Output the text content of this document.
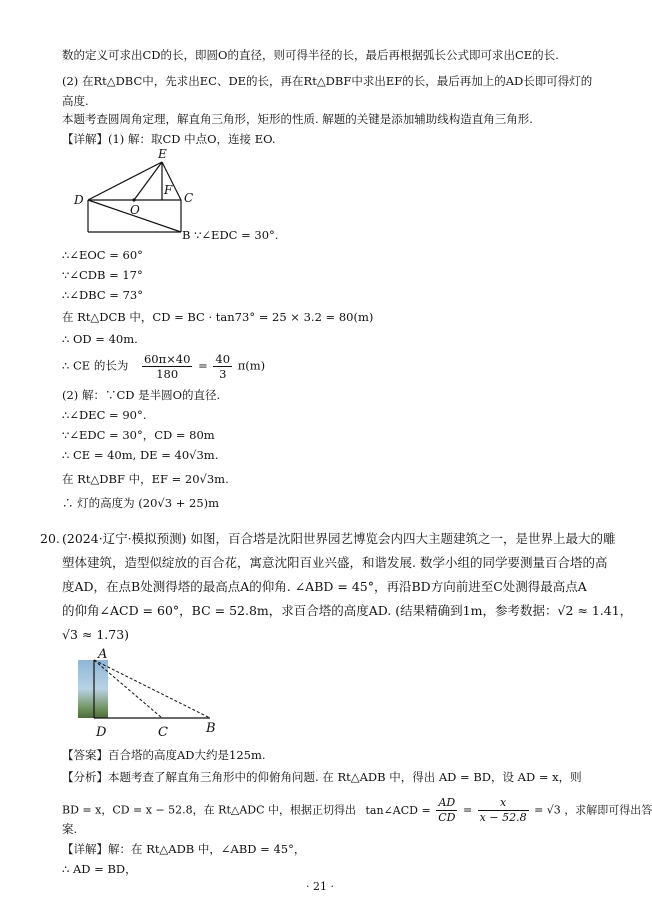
数的定义可求出CD的长，即圆O的直径，则可得半径的长，最后再根据弧长公式即可求出CE的长.
(2) 在Rt△DBC中，先求出EC、DE的长，再在Rt△DBF中求出EF的长，最后再加上的AD长即可得灯的
高度.
本题考查圆周角定理，解直角三角形，矩形的性质. 解题的关键是添加辅助线构造直角三角形.
【详解】(1) 解：取CD 中点O，连接 EO.
E
F
D
O
C
B ∵∠EDC = 30°.
∴∠EOC = 60°
∵∠CDB = 17°
∴∠DBC = 73°
在 Rt△DCB 中，CD = BC · tan73° = 25 × 3.2 = 80(m)
∴ OD = 40m.
∴ CE 的长为 $\frac{60\pi\times 40}{180} = \frac{40}{3} \pi(m)$
(2) 解：∵CD 是半圆O的直径.
∴∠DEC = 90°.
∵∠EDC = 30°，CD = 80m
∴ CE = 40m, DE = 40√3m.
在 Rt△DBF 中，EF = 20√3m.
∴ 灯的高度为 (20√3 + 25)m
20. (2024·辽宁·模拟预测) 如图，百合塔是沈阳世界园艺博览会内四大主题建筑之一，是世界上最大的雕
塑体建筑，造型似绽放的百合花，寓意沈阳百业兴盛，和谐发展. 数学小组的同学要测量百合塔的高
度AD，在点B处测得塔的最高点A的仰角. ∠ABD = 45°，再沿BD方向前进至C处测得最高点A
的仰角∠ACD = 60°，BC = 52.8m，求百合塔的高度AD. (结果精确到1m，参考数据：√2 ≈ 1.41，
√3 ≈ 1.73)
A
D	C	B
【答案】百合塔的高度AD大约是125m.
【分析】本题考查了解直角三角形中的仰俯角问题. 在 Rt△ADB 中，得出 AD = BD，设 AD = x，则
BD = x，CD = x − 52.8，在 Rt△ADC 中，根据正切得出 tan∠ACD = $\frac{AD}{CD} = \frac{x}{x - 52.8} = √3$ ，求解即可得出答
案.
【详解】解：在 Rt△ADB 中，∠ABD = 45°，
∴ AD = BD，
· 21 ·
